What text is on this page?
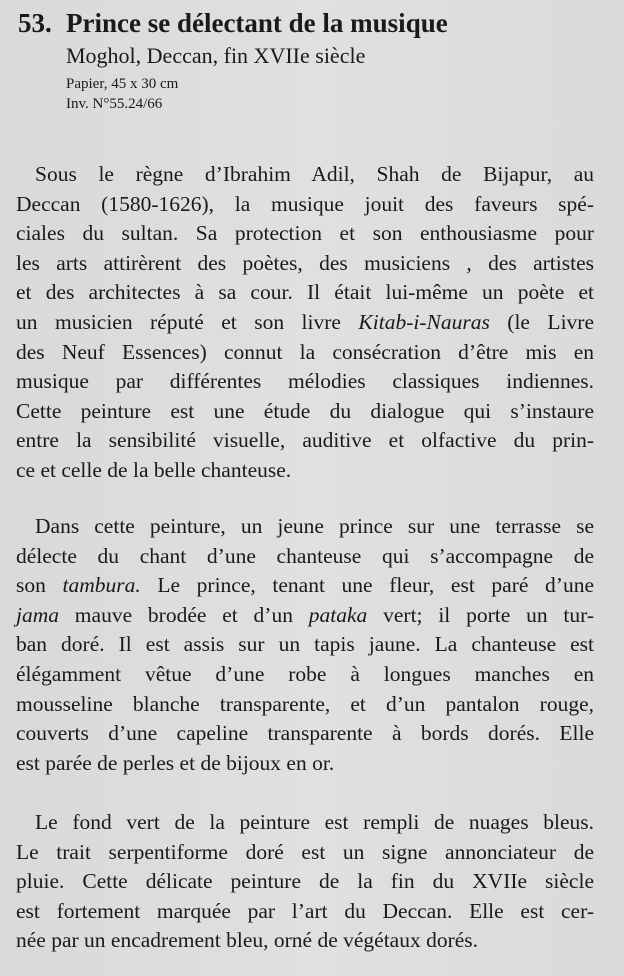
53. Prince se délectant de la musique
Moghol, Deccan, fin XVIIe siècle
Papier, 45 x 30 cm
Inv. N°55.24/66
Sous le règne d’Ibrahim Adil, Shah de Bijapur, au
Deccan (1580-1626), la musique jouit des faveurs spé-
ciales du sultan. Sa protection et son enthousiasme pour
les arts attirèrent des poètes, des musiciens , des artistes
et des architectes à sa cour. Il était lui-même un poète et
un musicien réputé et son livre Kitab-i-Nauras (le Livre
des Neuf Essences) connut la consécration d’être mis en
musique par différentes mélodies classiques indiennes.
Cette peinture est une étude du dialogue qui s’instaure
entre la sensibilité visuelle, auditive et olfactive du prin-
ce et celle de la belle chanteuse.
Dans cette peinture, un jeune prince sur une terrasse se
délecte du chant d’une chanteuse qui s’accompagne de
son tambura. Le prince, tenant une fleur, est paré d’une
jama mauve brodée et d’un pataka vert; il porte un tur-
ban doré. Il est assis sur un tapis jaune. La chanteuse est
élégamment vêtue d’une robe à longues manches en
mousseline blanche transparente, et d’un pantalon rouge,
couverts d’une capeline transparente à bords dorés. Elle
est parée de perles et de bijoux en or.
Le fond vert de la peinture est rempli de nuages bleus.
Le trait serpentiforme doré est un signe annonciateur de
pluie. Cette délicate peinture de la fin du XVIIe siècle
est fortement marquée par l’art du Deccan. Elle est cer-
née par un encadrement bleu, orné de végétaux dorés.
